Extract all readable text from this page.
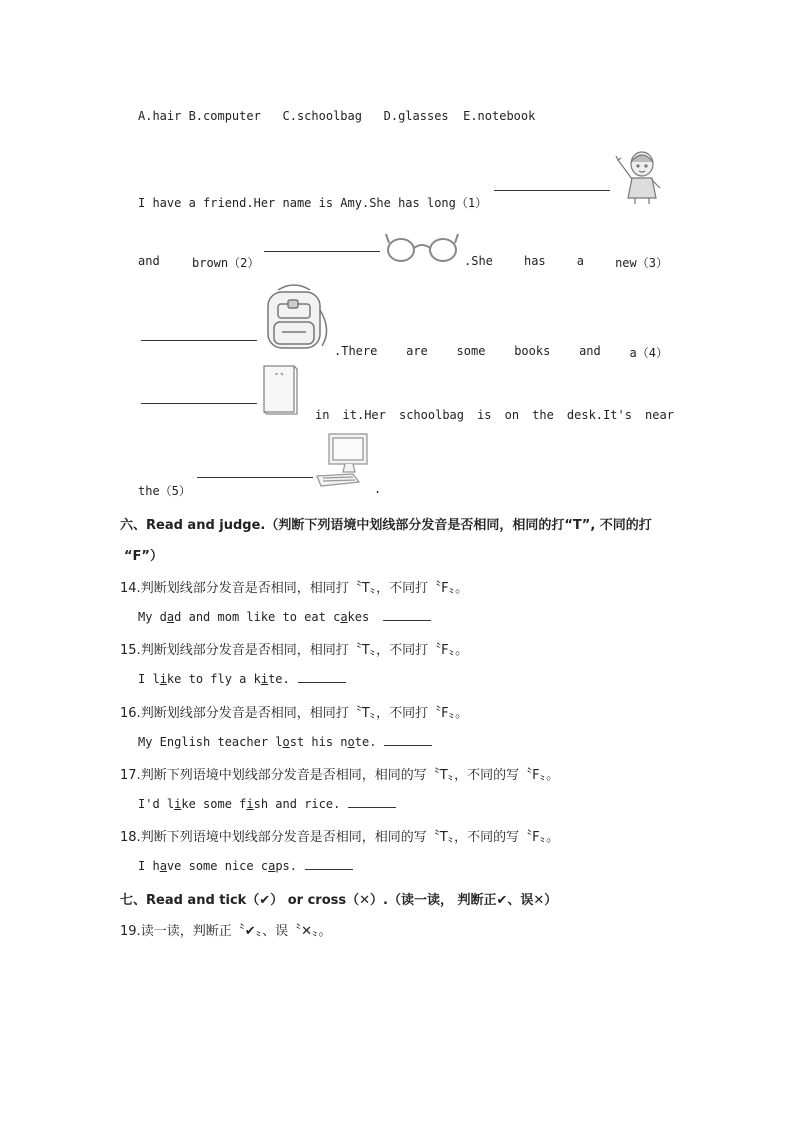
A.hair B.computer   C.schoolbag   D.glasses  E.notebook
I have a friend.Her name is Amy.She has long（1）
and	brown（2）	.She	has	a	new（3）
.There are some books and a（4）
in it.Her schoolbag is on the desk.It's near
the（5）	.
六、Read and judge.（判断下列语境中划线部分发音是否相同，相同的打“T”, 不同的打
“F”）
14.判断划线部分发音是否相同，相同打〝T〟，不同打〝F〟。
My dad and mom like to eat cakes
15.判断划线部分发音是否相同，相同打〝T〟，不同打〝F〟。
I like to fly a kite.
16.判断划线部分发音是否相同，相同打〝T〟，不同打〝F〟。
My English teacher lost his note.
17.判断下列语境中划线部分发音是否相同，相同的写〝T〟，不同的写〝F〟。
I'd like some fish and rice.
18.判断下列语境中划线部分发音是否相同，相同的写〝T〟，不同的写〝F〟。
I have some nice caps.
七、Read and tick（✔） or cross（✕）.（读一读， 判断正✔、误✕）
19.读一读，判断正〝✔〟、误〝✕〟。
